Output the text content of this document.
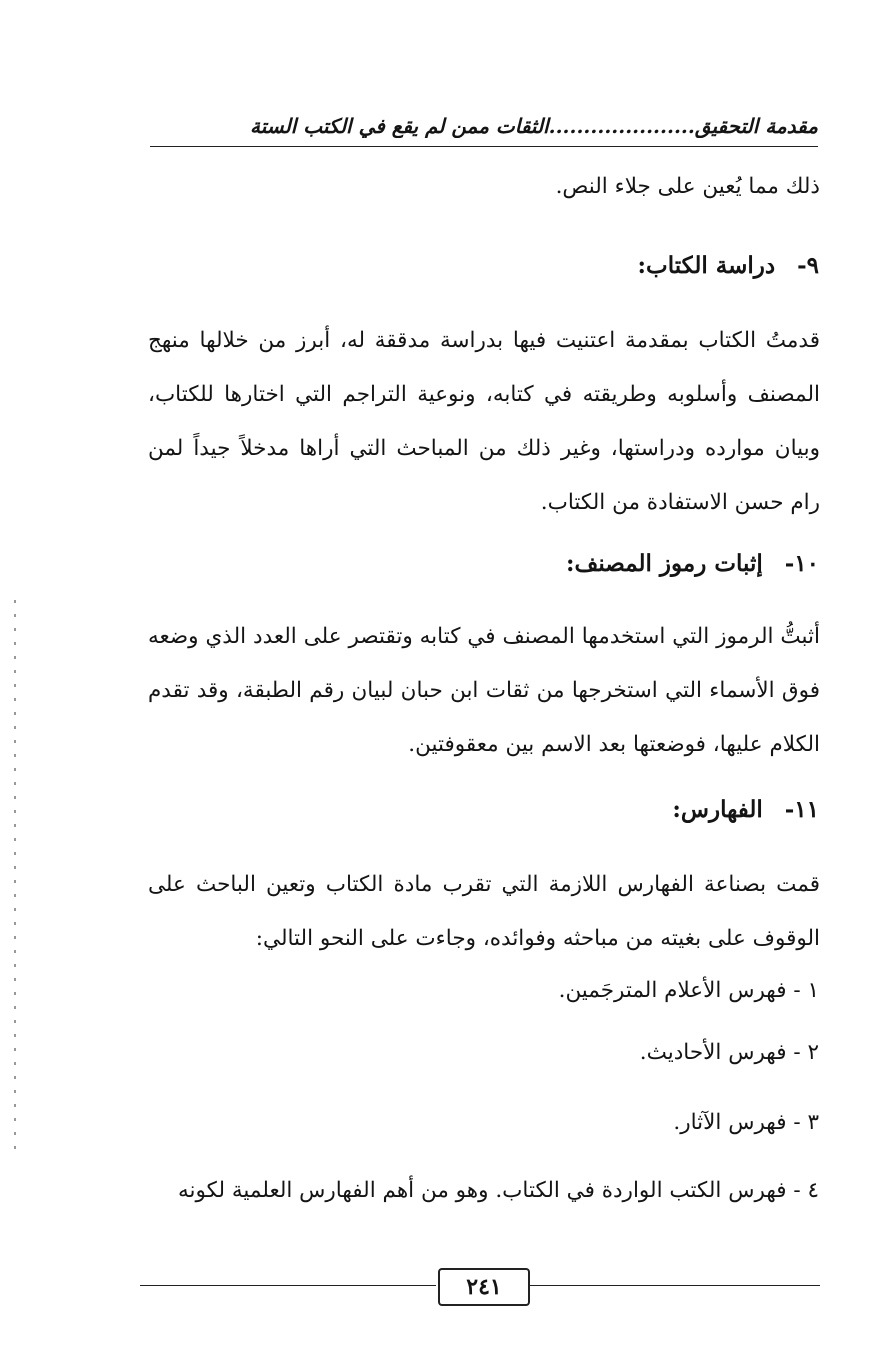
مقدمة التحقيق.....................الثقات ممن لم يقع في الكتب الستة
ذلك مما يُعين على جلاء النص.
٩-دراسة الكتاب:
قدمتُ الكتاب بمقدمة اعتنيت فيها بدراسة مدققة له، أبرز من خلالها منهج المصنف وأسلوبه وطريقته في كتابه، ونوعية التراجم التي اختارها للكتاب، وبيان موارده ودراستها، وغير ذلك من المباحث التي أراها مدخلاً جيداً لمن رام حسن الاستفادة من الكتاب.
١٠-إثبات رموز المصنف:
أثبتُّ الرموز التي استخدمها المصنف في كتابه وتقتصر على العدد الذي وضعه فوق الأسماء التي استخرجها من ثقات ابن حبان لبيان رقم الطبقة، وقد تقدم الكلام عليها، فوضعتها بعد الاسم بين معقوفتين.
١١-الفهارس:
قمت بصناعة الفهارس اللازمة التي تقرب مادة الكتاب وتعين الباحث على الوقوف على بغيته من مباحثه وفوائده، وجاءت على النحو التالي:
١ - فهرس الأعلام المترجَمين.
٢ - فهرس الأحاديث.
٣ - فهرس الآثار.
٤ - فهرس الكتب الواردة في الكتاب. وهو من أهم الفهارس العلمية لكونه
٢٤١
